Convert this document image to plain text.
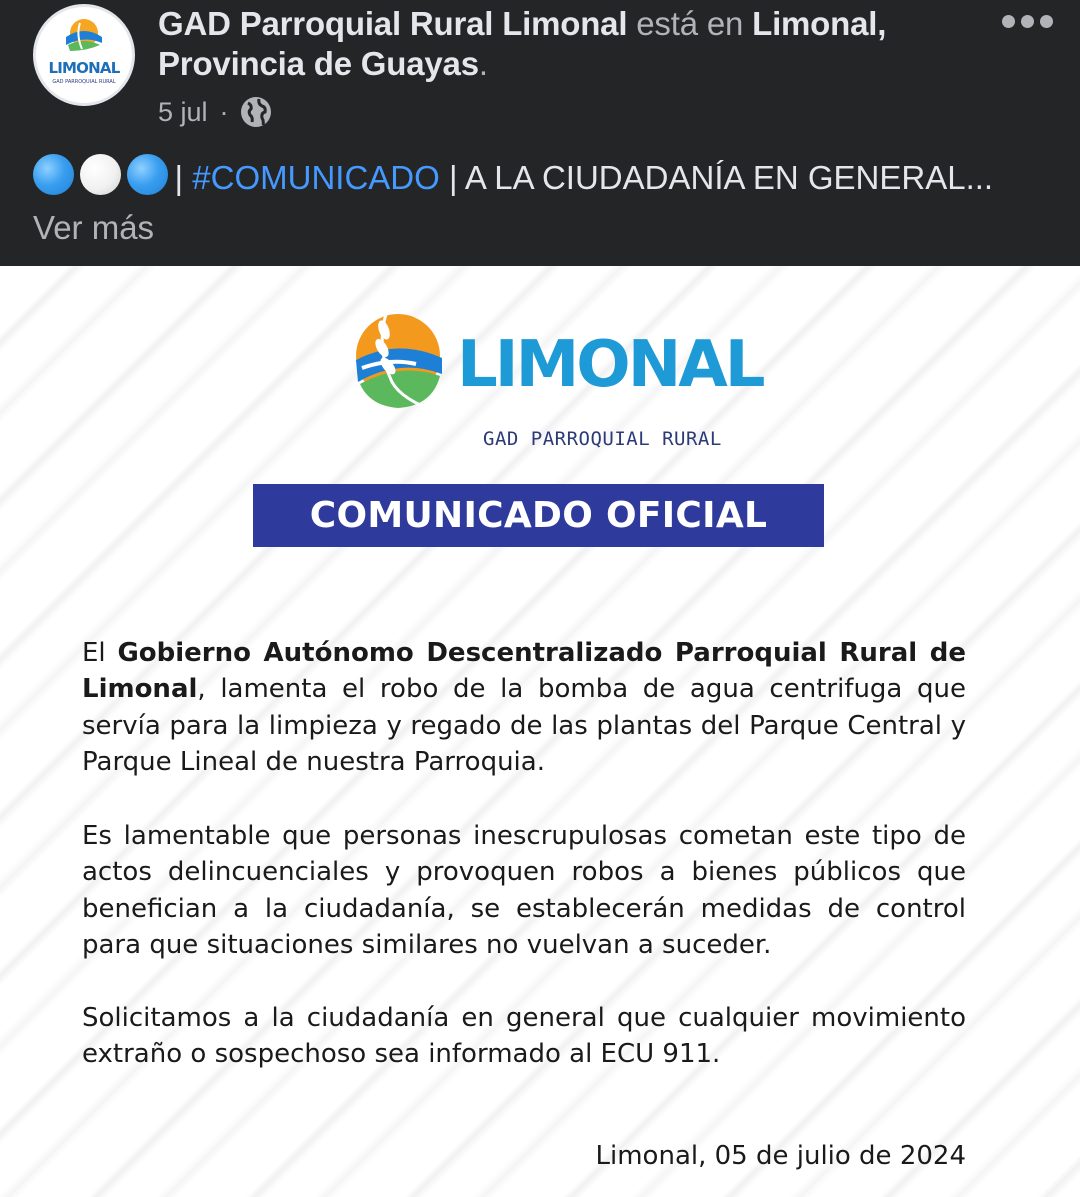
LIMONAL
GAD PARROQUIAL RURAL
GAD Parroquial Rural Limonal está en Limonal, Provincia de Guayas.
5 jul ·
| #COMUNICADO | A LA CIUDADANÍA EN GENERAL... Ver más
LIMONAL
GAD PARROQUIAL RURAL
COMUNICADO OFICIAL
El Gobierno Autónomo Descentralizado Parroquial Rural de Limonal, lamenta el robo de la bomba de agua centrifuga que servía para la limpieza y regado de las plantas del Parque Central y Parque Lineal de nuestra Parroquia.
Es lamentable que personas inescrupulosas cometan este tipo de actos delincuenciales y provoquen robos a bienes públicos que benefician a la ciudadanía, se establecerán medidas de control para que situaciones similares no vuelvan a suceder.
Solicitamos a la ciudadanía en general que cualquier movimiento extraño o sospechoso sea informado al ECU 911.
Limonal, 05 de julio de 2024
